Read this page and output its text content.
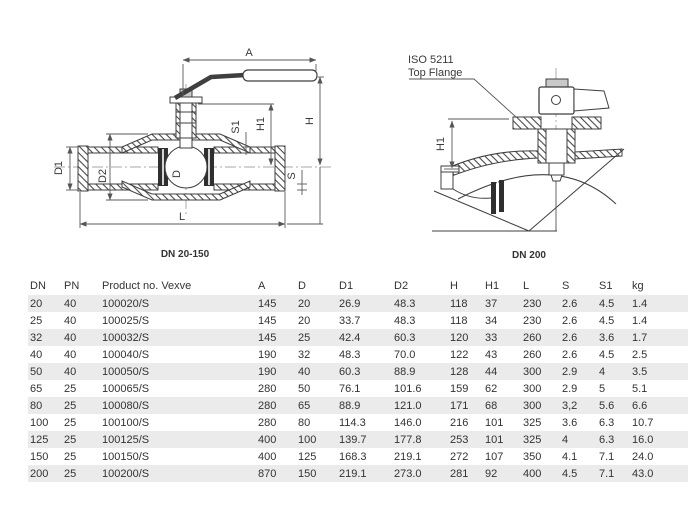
A
H
H1
S1
S
D1
D2	D
L
DN 20-150
ISO 5211
Top Flange
H1
DN 200
DN	PN	Product no. Vexve	A	D	D1	D2	H	H1	L	S	S1	kg
20	40	100020/S	145	20	26.9	48.3	118	37	230	2.6	4.5	1.4
25	40	100025/S	145	20	33.7	48.3	118	34	230	2.6	4.5	1.4
32	40	100032/S	145	25	42.4	60.3	120	33	260	2.6	3.6	1.7
40	40	100040/S	190	32	48.3	70.0	122	43	260	2.6	4.5	2.5
50	40	100050/S	190	40	60.3	88.9	128	44	300	2.9	4	3.5
65	25	100065/S	280	50	76.1	101.6	159	62	300	2.9	5	5.1
80	25	100080/S	280	65	88.9	121.0	171	68	300	3,2	5.6	6.6
100	25	100100/S	280	80	114.3	146.0	216	101	325	3.6	6.3	10.7
125	25	100125/S	400	100	139.7	177.8	253	101	325	4	6.3	16.0
150	25	100150/S	400	125	168.3	219.1	272	107	350	4.1	7.1	24.0
200	25	100200/S	870	150	219.1	273.0	281	92	400	4.5	7.1	43.0
